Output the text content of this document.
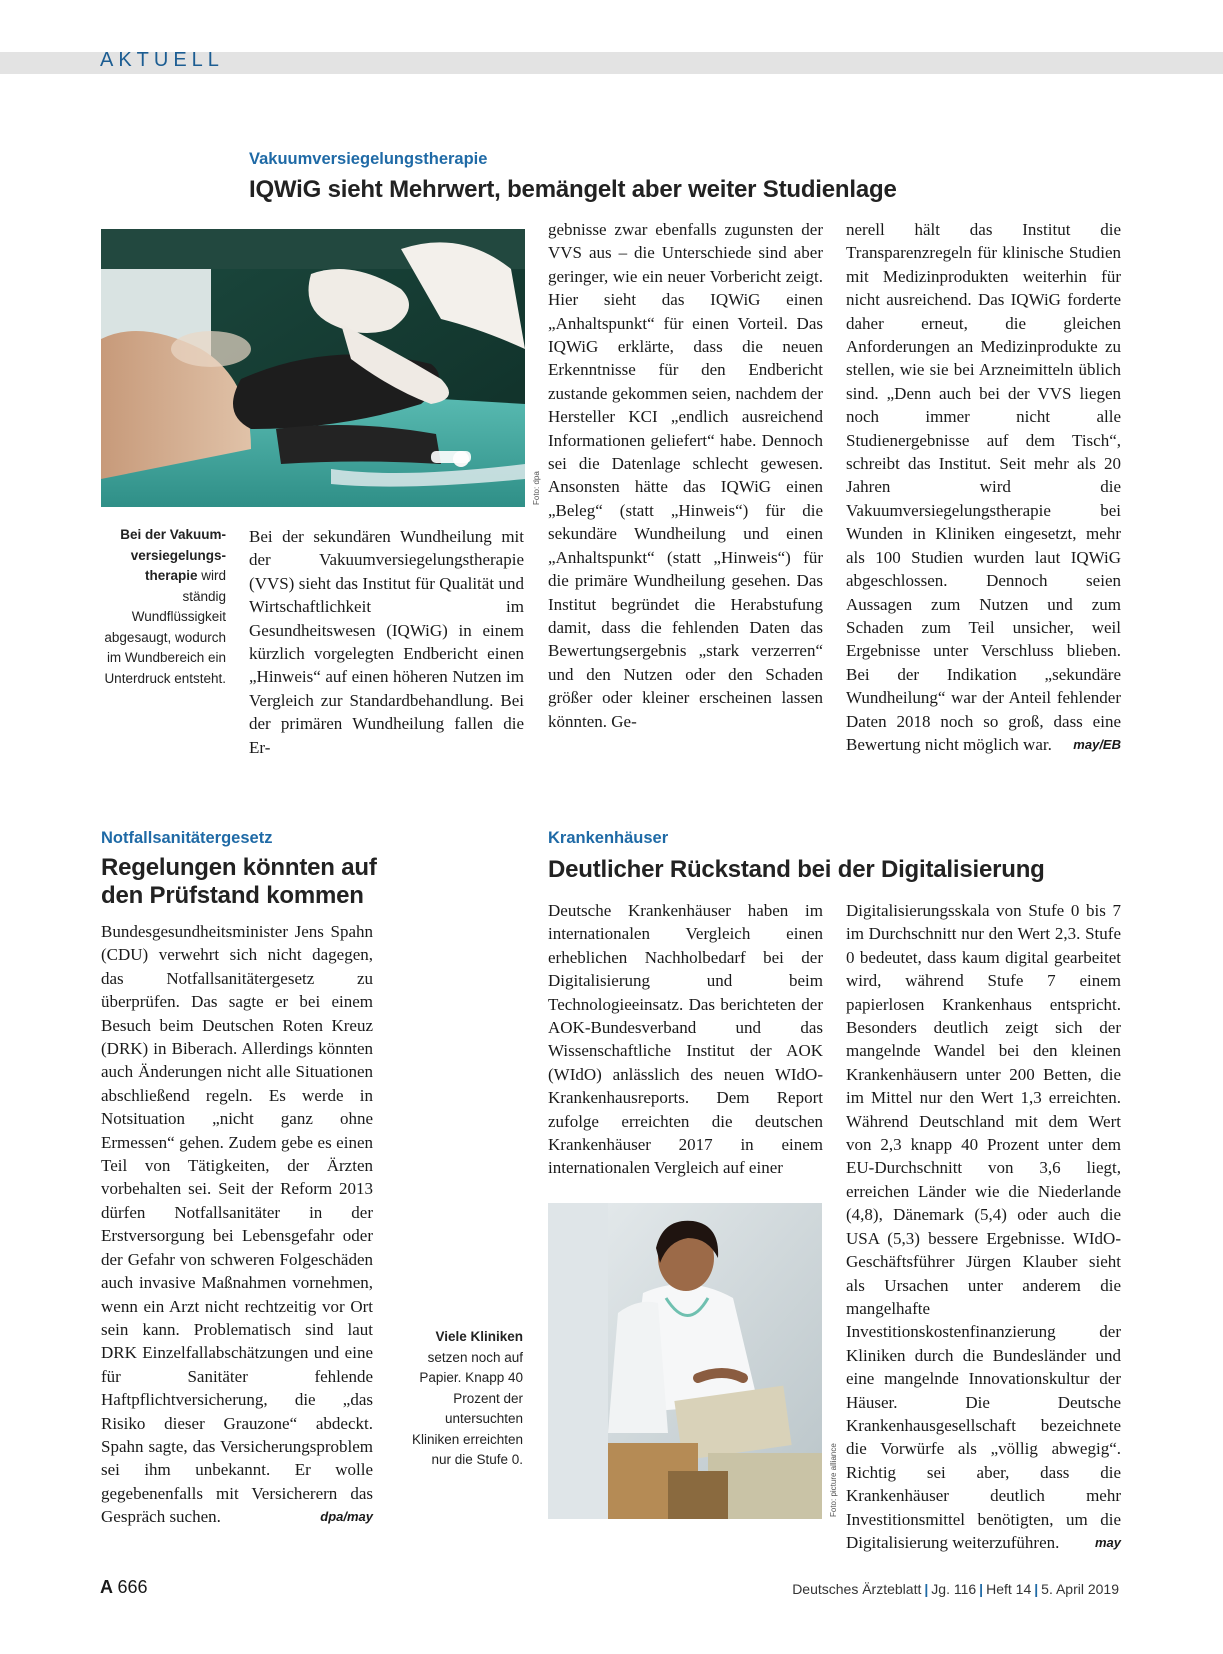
AKTUELL
Vakuumversiegelungstherapie
IQWiG sieht Mehrwert, bemängelt aber weiter Studienlage
Foto: dpa
Bei der Vakuum-versiegelungs-therapie wird ständig Wundflüssigkeit abgesaugt, wodurch im Wundbereich ein Unterdruck entsteht.

Bei der sekundären Wundheilung mit der Vakuumversiegelungstherapie (VVS) sieht das Institut für Qualität und Wirtschaftlichkeit im Gesundheitswesen (IQWiG) in einem kürzlich vorgelegten Endbericht einen „Hinweis“ auf einen höheren Nutzen im Vergleich zur Standardbehandlung. Bei der primären Wundheilung fallen die Er-

gebnisse zwar ebenfalls zugunsten der VVS aus – die Unterschiede sind aber geringer, wie ein neuer Vorbericht zeigt. Hier sieht das IQWiG einen „Anhaltspunkt“ für einen Vorteil. Das IQWiG erklärte, dass die neuen Erkenntnisse für den Endbericht zustande gekommen seien, nachdem der Hersteller KCI „endlich ausreichend Informationen geliefert“ habe. Dennoch sei die Datenlage schlecht gewesen. Ansonsten hätte das IQWiG einen „Beleg“ (statt „Hinweis“) für die sekundäre Wundheilung und einen „Anhaltspunkt“ (statt „Hinweis“) für die primäre Wundheilung gesehen. Das Institut begründet die Herabstufung damit, dass die fehlenden Daten das Bewertungsergebnis „stark verzerren“ und den Nutzen oder den Schaden größer oder kleiner erscheinen lassen könnten. Ge-

nerell hält das Institut die Transparenzregeln für klinische Studien mit Medizinprodukten weiterhin für nicht ausreichend. Das IQWiG forderte daher erneut, die gleichen Anforderungen an Medizinprodukte zu stellen, wie sie bei Arzneimitteln üblich sind. „Denn auch bei der VVS liegen noch immer nicht alle Studienergebnisse auf dem Tisch“, schreibt das Institut. Seit mehr als 20 Jahren wird die Vakuumversiegelungstherapie bei Wunden in Kliniken eingesetzt, mehr als 100 Studien wurden laut IQWiG abgeschlossen. Dennoch seien Aussagen zum Nutzen und zum Schaden zum Teil unsicher, weil Ergebnisse unter Verschluss blieben. Bei der Indikation „sekundäre Wundheilung“ war der Anteil fehlender Daten 2018 noch so groß, dass eine Bewertung nicht möglich war. may/EB

Notfallsanitätergesetz
Regelungen könnten auf
den Prüfstand kommen

Bundesgesundheitsminister Jens Spahn (CDU) verwehrt sich nicht dagegen, das Notfallsanitätergesetz zu überprüfen. Das sagte er bei einem Besuch beim Deutschen Roten Kreuz (DRK) in Biberach. Allerdings könnten auch Änderungen nicht alle Situationen abschließend regeln. Es werde in Notsituation „nicht ganz ohne Ermessen“ gehen. Zudem gebe es einen Teil von Tätigkeiten, der Ärzten vorbehalten sei. Seit der Reform 2013 dürfen Notfallsanitäter in der Erstversorgung bei Lebensgefahr oder der Gefahr von schweren Folgeschäden auch invasive Maßnahmen vornehmen, wenn ein Arzt nicht rechtzeitig vor Ort sein kann. Problematisch sind laut DRK Einzelfallabschätzungen und eine für Sanitäter fehlende Haftpflichtversicherung, die „das Risiko dieser Grauzone“ abdeckt. Spahn sagte, das Versicherungsproblem sei ihm unbekannt. Er wolle gegebenenfalls mit Versicherern das Gespräch suchen.	dpa/may

Krankenhäuser
Deutlicher Rückstand bei der Digitalisierung

Deutsche Krankenhäuser haben im internationalen Vergleich einen erheblichen Nachholbedarf bei der Digitalisierung und beim Technologieeinsatz. Das berichteten der AOK-Bundesverband und das Wissenschaftliche Institut der AOK (WIdO) anlässlich des neuen WIdO-Krankenhausreports. Dem Report zufolge erreichten die deutschen Krankenhäuser 2017 in einem internationalen Vergleich auf einer

Digitalisierungsskala von Stufe 0 bis 7 im Durchschnitt nur den Wert 2,3. Stufe 0 bedeutet, dass kaum digital gearbeitet wird, während Stufe 7 einem papierlosen Krankenhaus entspricht. Besonders deutlich zeigt sich der mangelnde Wandel bei den kleinen Krankenhäusern unter 200 Betten, die im Mittel nur den Wert 1,3 erreichten. Während Deutschland mit dem Wert von 2,3 knapp 40 Prozent unter dem EU-Durchschnitt von 3,6 liegt, erreichen Länder wie die Niederlande (4,8), Dänemark (5,4) oder auch die USA (5,3) bessere Ergebnisse. WIdO-Geschäftsführer Jürgen Klauber sieht als Ursachen unter anderem die mangelhafte Investitionskostenfinanzierung der Kliniken durch die Bundesländer und eine mangelnde Innovationskultur der Häuser. Die Deutsche Krankenhausgesellschaft bezeichnete die Vorwürfe als „völlig abwegig“. Richtig sei aber, dass die Krankenhäuser deutlich mehr Investitionsmittel benötigten, um die Digitalisierung weiterzuführen.	may

Viele Kliniken setzen noch auf Papier. Knapp 40 Prozent der untersuchten Kliniken erreichten nur die Stufe 0.	Foto: picture alliance
A 666	Deutsches Ärzteblatt | Jg. 116 | Heft 14 | 5. April 2019
